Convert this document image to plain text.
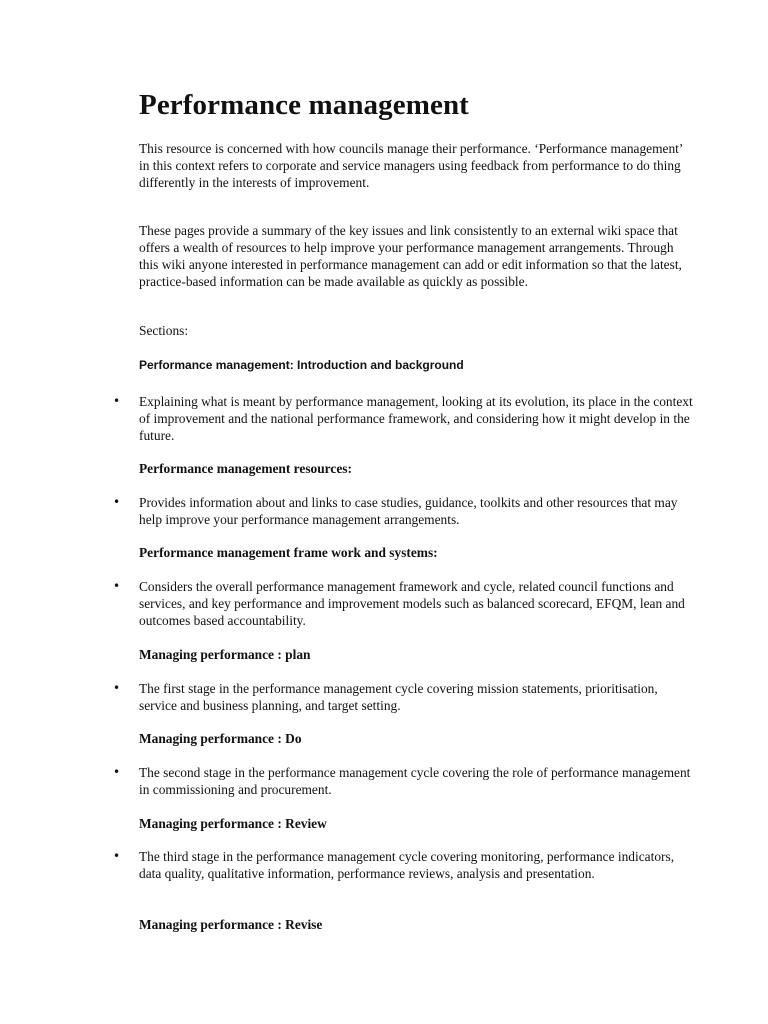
Performance management

This resource is concerned with how councils manage their performance. ‘Performance management’ in this context refers to corporate and service managers using feedback from performance to do thing differently in the interests of improvement.

These pages provide a summary of the key issues and link consistently to an external wiki space that offers a wealth of resources to help improve your performance management arrangements. Through this wiki anyone interested in performance management can add or edit information so that the latest, practice-based information can be made available as quickly as possible.

Sections:

Performance management: Introduction and background

•	Explaining what is meant by performance management, looking at its evolution, its place in the context of improvement and the national performance framework, and considering how it might develop in the future.

Performance management resources:

•	Provides information about and links to case studies, guidance, toolkits and other resources that may help improve your performance management arrangements.

Performance management frame work and systems:

•	Considers the overall performance management framework and cycle, related council functions and services, and key performance and improvement models such as balanced scorecard, EFQM, lean and outcomes based accountability.

Managing performance : plan

•	The first stage in the performance management cycle covering mission statements, prioritisation, service and business planning, and target setting.

Managing performance : Do

•	The second stage in the performance management cycle covering the role of performance management in commissioning and procurement.

Managing performance : Review

•	The third stage in the performance management cycle covering monitoring, performance indicators, data quality, qualitative information, performance reviews, analysis and presentation.

Managing performance : Revise
